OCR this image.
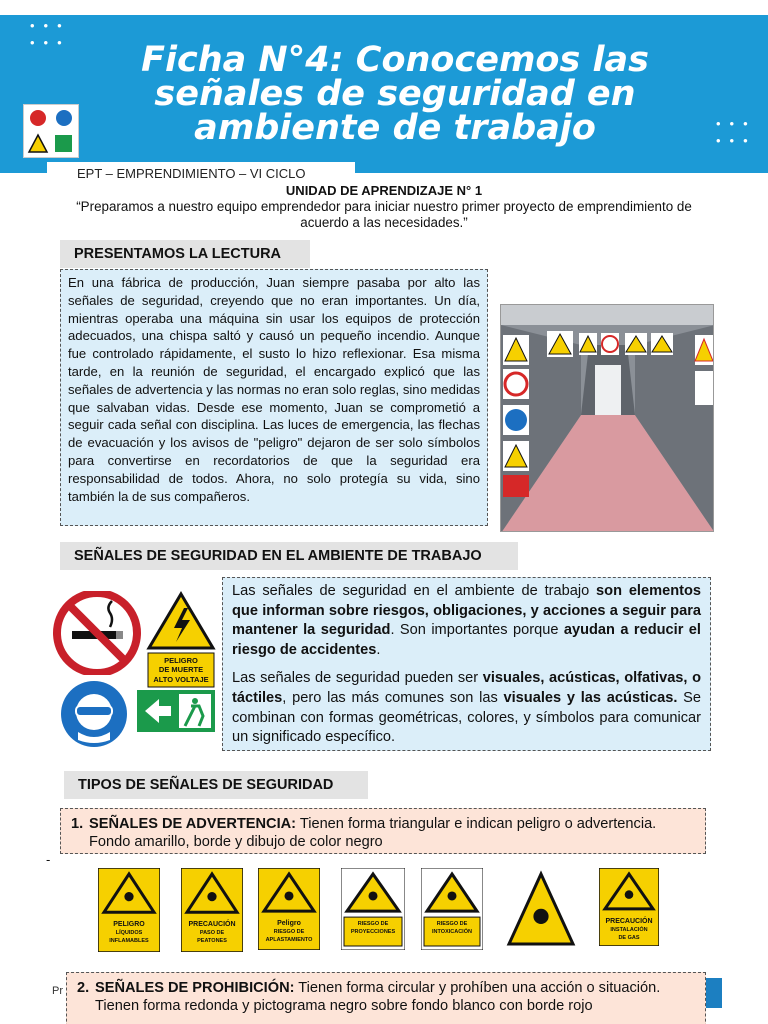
•••
•••
•••
•••
Ficha N°4: Conocemos las señales de seguridad en ambiente de trabajo
EPT – EMPRENDIMIENTO – VI CICLO
UNIDAD DE APRENDIZAJE N° 1
“Preparamos a nuestro equipo emprendedor para iniciar nuestro primer proyecto de emprendimiento de acuerdo a las necesidades.”
PRESENTAMOS LA LECTURA
En una fábrica de producción, Juan siempre pasaba por alto las señales de seguridad, creyendo que no eran importantes. Un día, mientras operaba una máquina sin usar los equipos de protección adecuados, una chispa saltó y causó un pequeño incendio. Aunque fue controlado rápidamente, el susto lo hizo reflexionar. Esa misma tarde, en la reunión de seguridad, el encargado explicó que las señales de advertencia y las normas no eran solo reglas, sino medidas que salvaban vidas. Desde ese momento, Juan se comprometió a seguir cada señal con disciplina. Las luces de emergencia, las flechas de evacuación y los avisos de "peligro" dejaron de ser solo símbolos para convertirse en recordatorios de que la seguridad era responsabilidad de todos. Ahora, no solo protegía su vida, sino también la de sus compañeros.
SEÑALES DE SEGURIDAD EN EL AMBIENTE DE TRABAJO
PELIGRO
DE MUERTE
ALTO VOLTAJE

Las señales de seguridad en el ambiente de trabajo son elementos que informan sobre riesgos, obligaciones, y acciones a seguir para mantener la seguridad. Son importantes porque ayudan a reducir el riesgo de accidentes.

Las señales de seguridad pueden ser visuales, acústicas, olfativas, o táctiles, pero las más comunes son las visuales y las acústicas. Se combinan con formas geométricas, colores, y símbolos para comunicar un significado específico.

TIPOS DE SEÑALES DE SEGURIDAD
1. SEÑALES DE ADVERTENCIA: Tienen forma triangular e indican peligro o advertencia. Fondo amarillo, borde y dibujo de color negro
-
PELIGRO
LÍQUIDOS
INFLAMABLES
PRECAUCIÓN
PASO DE
PEATONES
Peligro
RIESGO DE
APLASTAMIENTO
RIESGO DE
PROYECCIONES
RIESGO DE
INTOXICACIÓN
PRECAUCIÓN
INSTALACIÓN
DE GAS
2. SEÑALES DE PROHIBICIÓN: Tienen forma circular y prohíben una acción o situación. Tienen forma redonda y pictograma negro sobre fondo blanco con borde rojo
Pr
